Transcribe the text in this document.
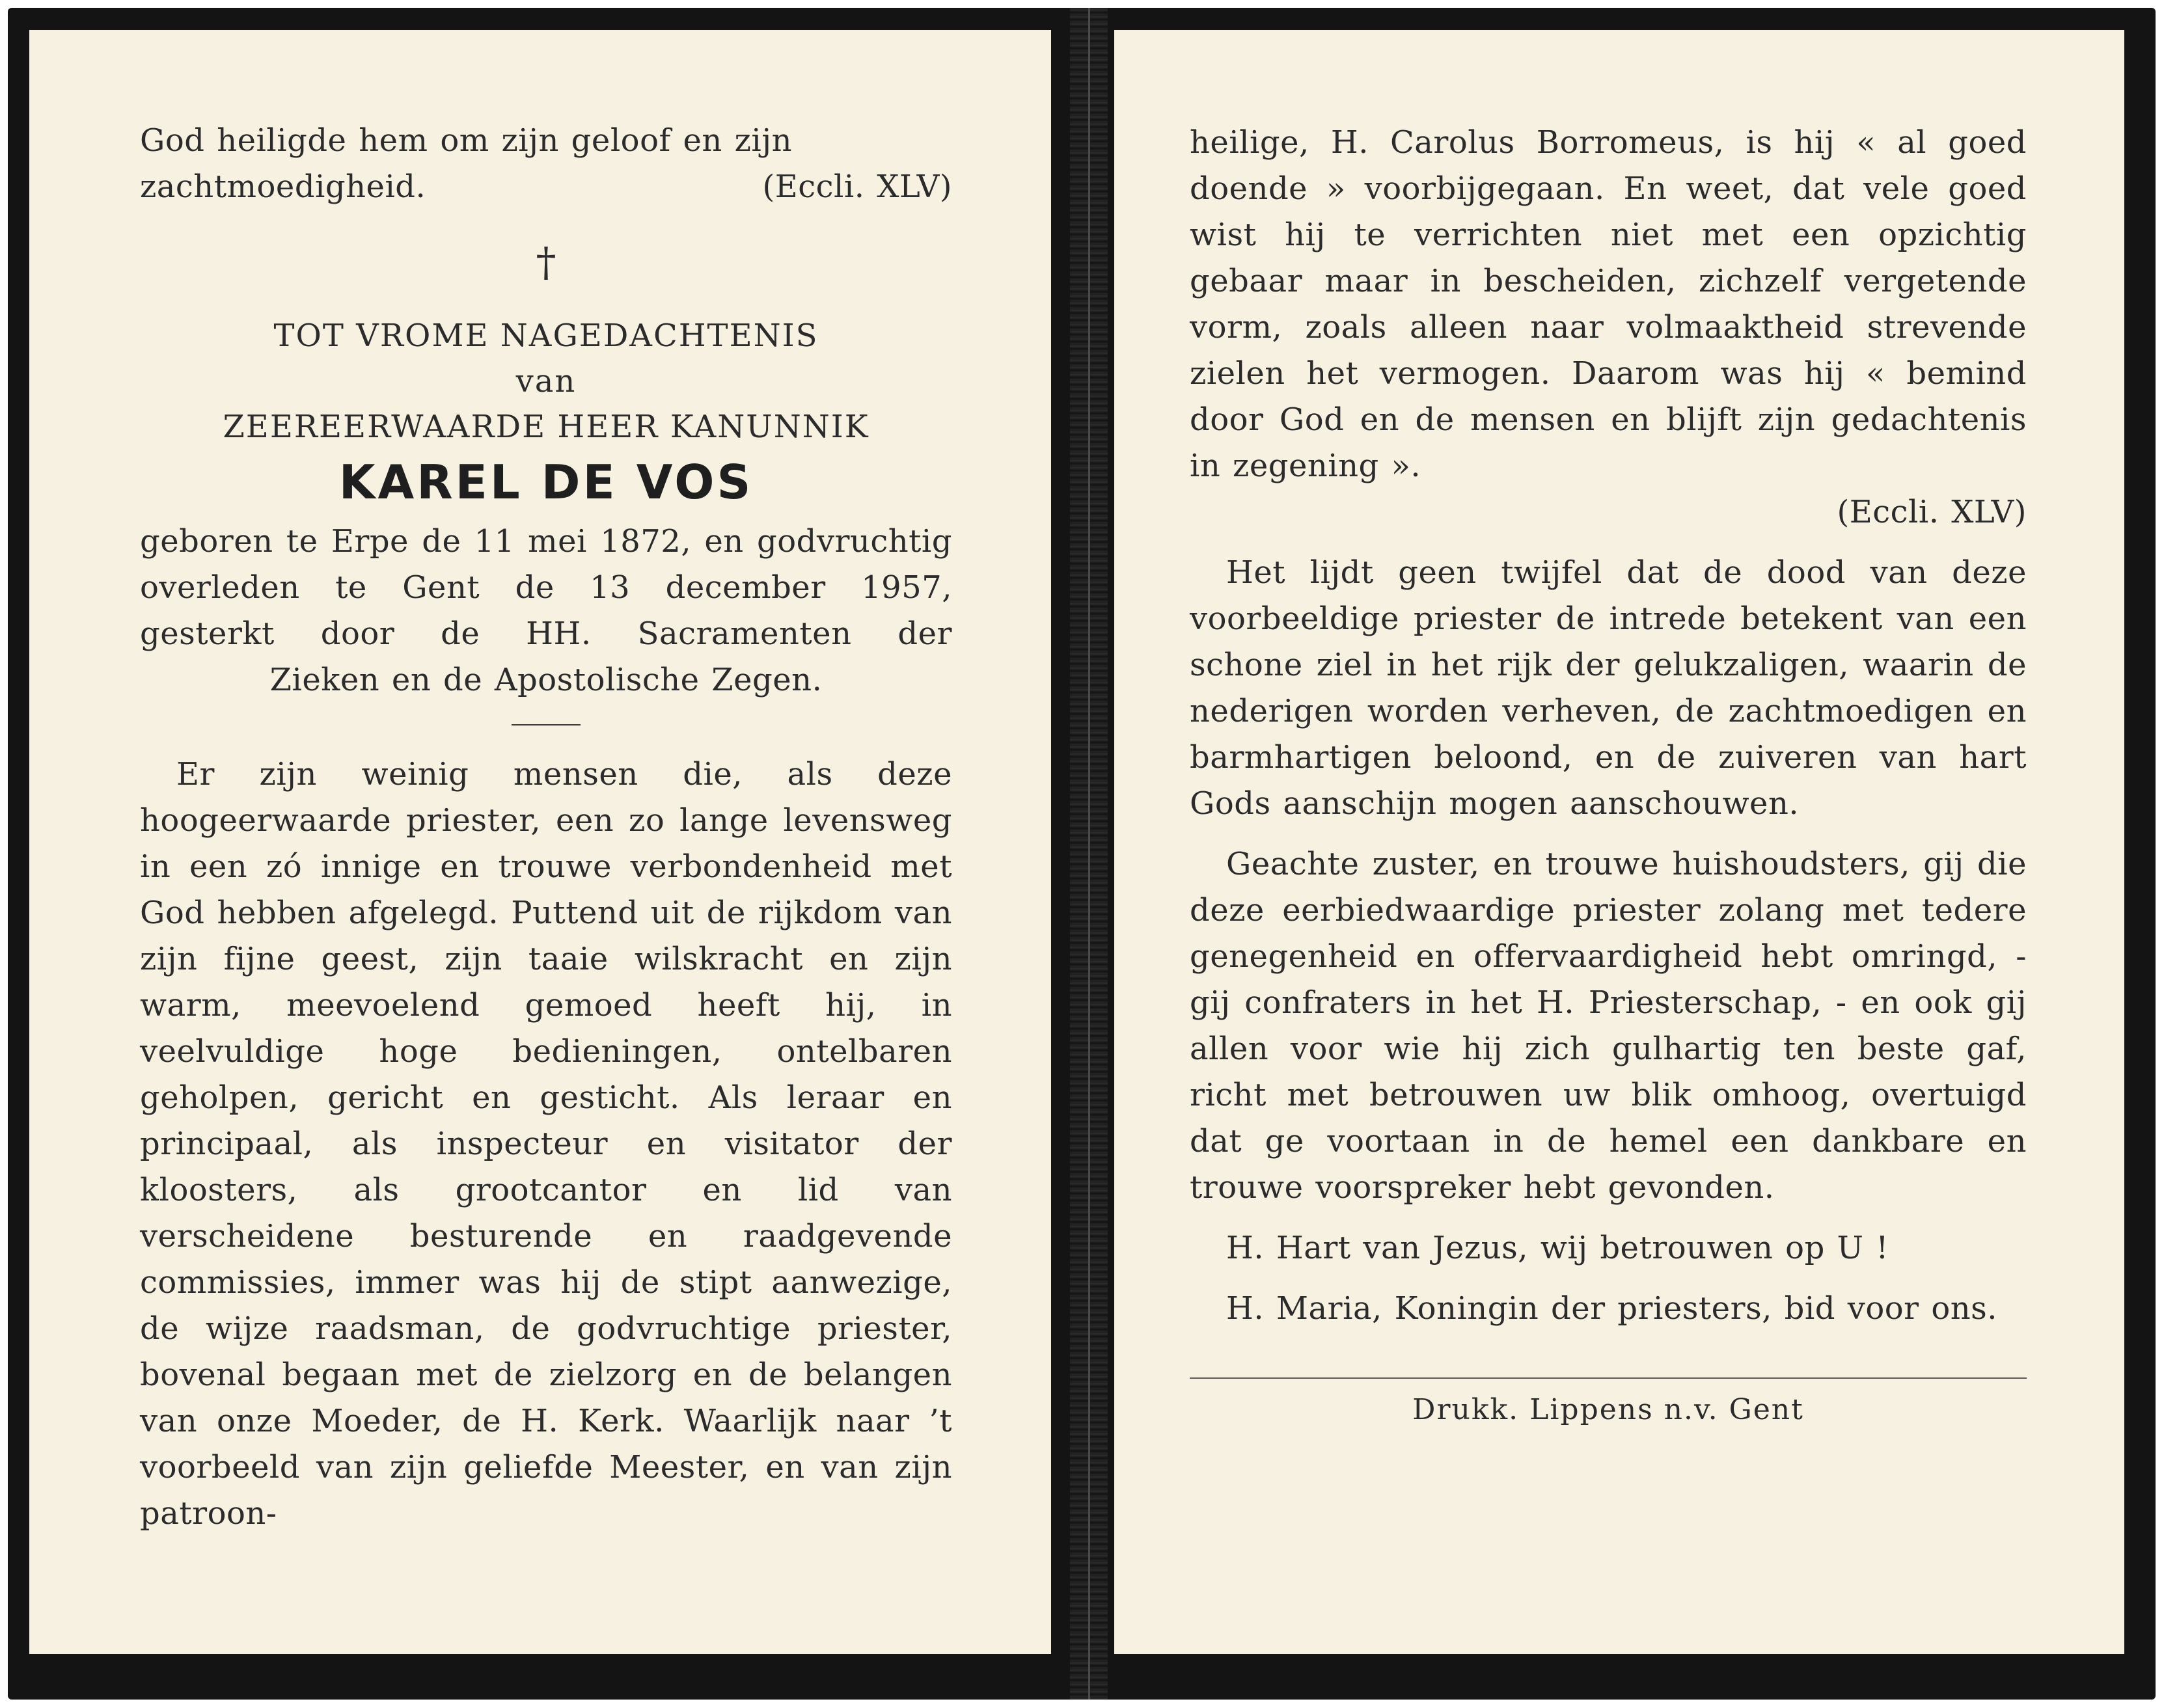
God heiligde hem om zijn geloof en zijn

zachtmoedigheid.	(Eccli. XLV)
†

TOT VROME NAGEDACHTENIS

van

ZEEREERWAARDE HEER KANUNNIK

KAREL DE VOS

geboren te Erpe de 11 mei 1872, en godvruchtig overleden te Gent de 13 december 1957, gesterkt door de HH. Sacramenten der

Zieken en de Apostolische Zegen.

Er zijn weinig mensen die, als deze hoogeerwaarde priester, een zo lange levensweg in een zó innige en trouwe verbondenheid met God hebben afgelegd. Puttend uit de rijkdom van zijn fijne geest, zijn taaie wilskracht en zijn warm, meevoelend gemoed heeft hij, in veelvuldige hoge bedieningen, ontelbaren geholpen, gericht en gesticht. Als leraar en principaal, als inspecteur en visitator der kloosters, als grootcantor en lid van verscheidene besturende en raadgevende commissies, immer was hij de stipt aanwezige, de wijze raadsman, de godvruchtige priester, bovenal begaan met de zielzorg en de belangen van onze Moeder, de H. Kerk. Waarlijk naar ’t voorbeeld van zijn geliefde Meester, en van zijn patroon-

heilige, H. Carolus Borromeus, is hij « al goed doende » voorbijgegaan. En weet, dat vele goed wist hij te verrichten niet met een opzichtig gebaar maar in bescheiden, zichzelf vergetende vorm, zoals alleen naar volmaaktheid strevende zielen het vermogen. Daarom was hij « bemind door God en de mensen en blijft zijn gedachtenis in zegening ».

(Eccli. XLV)

Het lijdt geen twijfel dat de dood van deze voorbeeldige priester de intrede betekent van een schone ziel in het rijk der gelukzaligen, waarin de nederigen worden verheven, de zachtmoedigen en barmhartigen beloond, en de zuiveren van hart Gods aanschijn mogen aanschouwen.

Geachte zuster, en trouwe huishoudsters, gij die deze eerbiedwaardige priester zolang met tedere genegenheid en offervaardigheid hebt omringd, - gij confraters in het H. Priesterschap, - en ook gij allen voor wie hij zich gulhartig ten beste gaf, richt met betrouwen uw blik omhoog, overtuigd dat ge voortaan in de hemel een dankbare en trouwe voorspreker hebt gevonden.

H. Hart van Jezus, wij betrouwen op U !

H. Maria, Koningin der priesters, bid voor ons.

Drukk. Lippens n.v. Gent
